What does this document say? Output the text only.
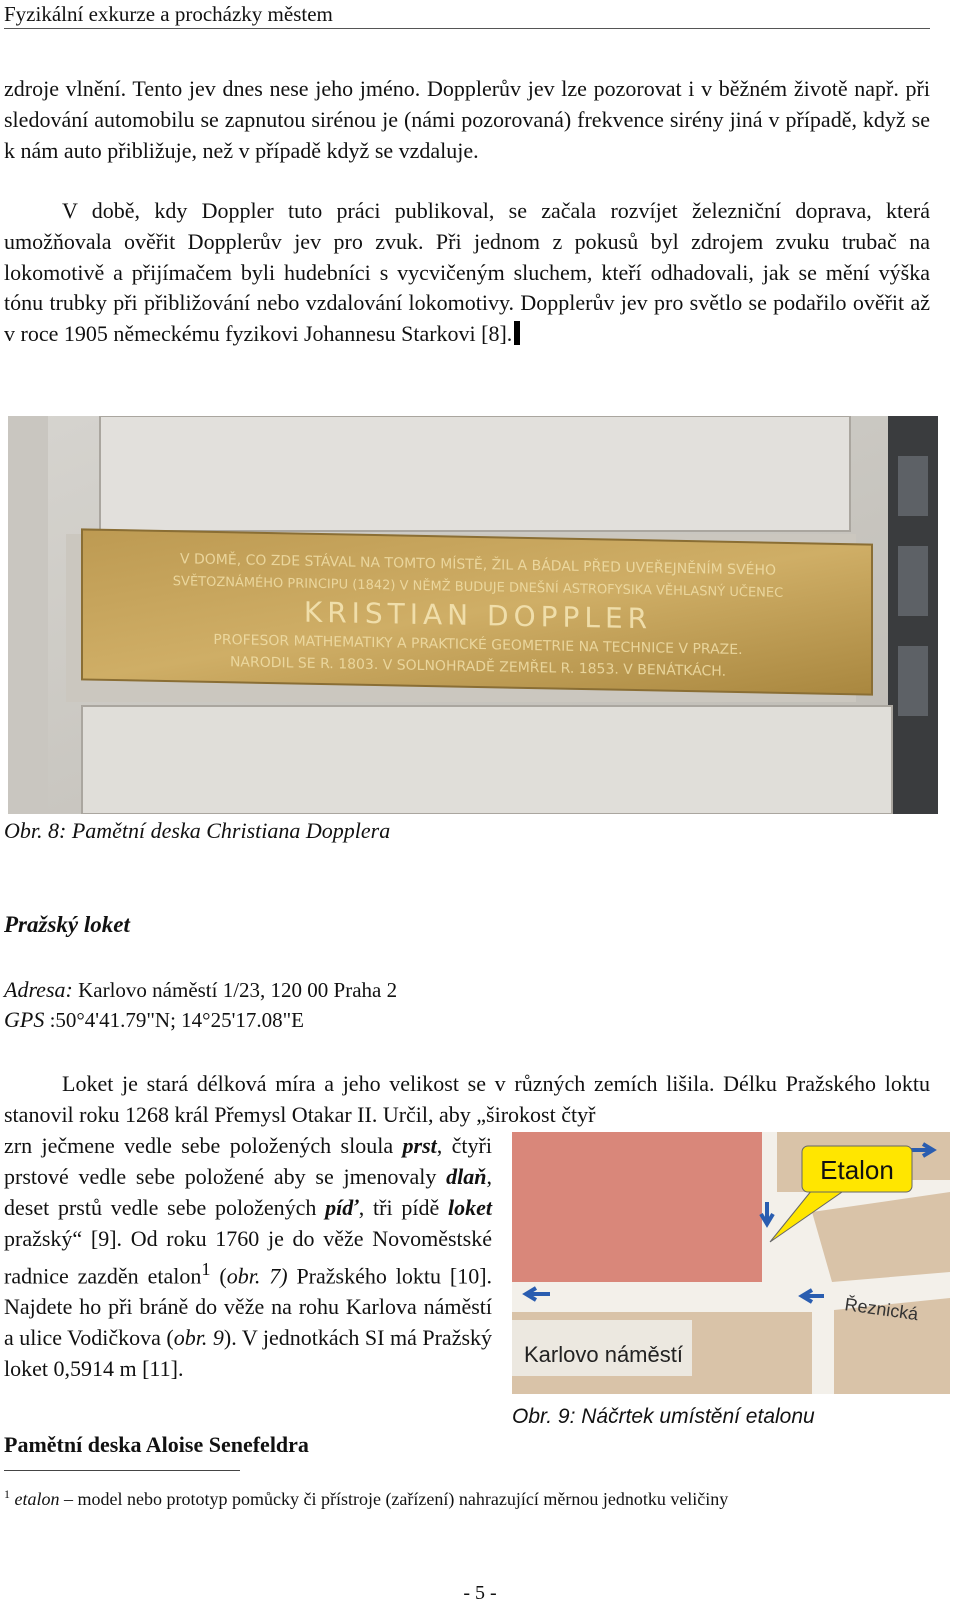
Fyzikální exkurze a procházky městem

zdroje vlnění. Tento jev dnes nese jeho jméno. Dopplerův jev lze pozorovat i v běžném životě např. při sledování automobilu se zapnutou sirénou je (námi pozorovaná) frekvence sirény jiná v případě, když se k nám auto přibližuje, než v případě když se vzdaluje.

V době, kdy Doppler tuto práci publikoval, se začala rozvíjet železniční doprava, která umožňovala ověřit Dopplerův jev pro zvuk. Při jednom z pokusů byl zdrojem zvuku trubač na lokomotivě a přijímačem byli hudebníci s vycvičeným sluchem, kteří odhadovali, jak se mění výška tónu trubky při přibližování nebo vzdalování lokomotivy. Dopplerův jev pro světlo se podařilo ověřit až v roce 1905 německému fyzikovi Johannesu Starkovi [8].

V DOMĚ, CO ZDE STÁVAL NA TOMTO MÍSTĚ, ŽIL A BÁDAL PŘED UVEŘEJNĚNÍM SVÉHO
SVĚTOZNÁMÉHO PRINCIPU (1842) V NĚMŽ BUDUJE DNEŠNÍ ASTROFYSIKA VĚHLASNÝ UČENEC
KRISTIAN DOPPLER
PROFESOR MATHEMATIKY A PRAKTICKÉ GEOMETRIE NA TECHNICE V PRAZE.
NARODIL SE R. 1803. V SOLNOHRADĚ ZEMŘEL R. 1853. V BENÁTKÁCH.
Obr. 8: Pamětní deska Christiana Dopplera
Pražský loket
Adresa: Karlovo náměstí 1/23, 120 00 Praha 2
GPS :50°4'41.79"N; 14°25'17.08"E

Loket je stará délková míra a jeho velikost se v různých zemích lišila. Délku Pražského loktu stanovil roku 1268 král Přemysl Otakar II. Určil, aby „širokost čtyř

zrn ječmene vedle sebe položených sloula prst, čtyři prstové vedle sebe položené aby se jmenovaly dlaň, deset prstů vedle sebe položených píď, tři pídě loket pražský“ [9]. Od roku 1760 je do věže Novoměstské radnice zazděn etalon$^1$ (obr. 7) Pražského loktu [10]. Najdete ho při bráně do věže na rohu Karlova náměstí a ulice Vodičkova (obr. 9). V jednotkách SI má Pražský loket 0,5914 m [11].

Etalon
Řeznická
Karlovo náměstí
Obr. 9: Náčrtek umístění etalonu
Pamětní deska Aloise Senefeldra
$^1$ etalon – model nebo prototyp pomůcky či přístroje (zařízení) nahrazující měrnou jednotku veličiny
- 5 -
